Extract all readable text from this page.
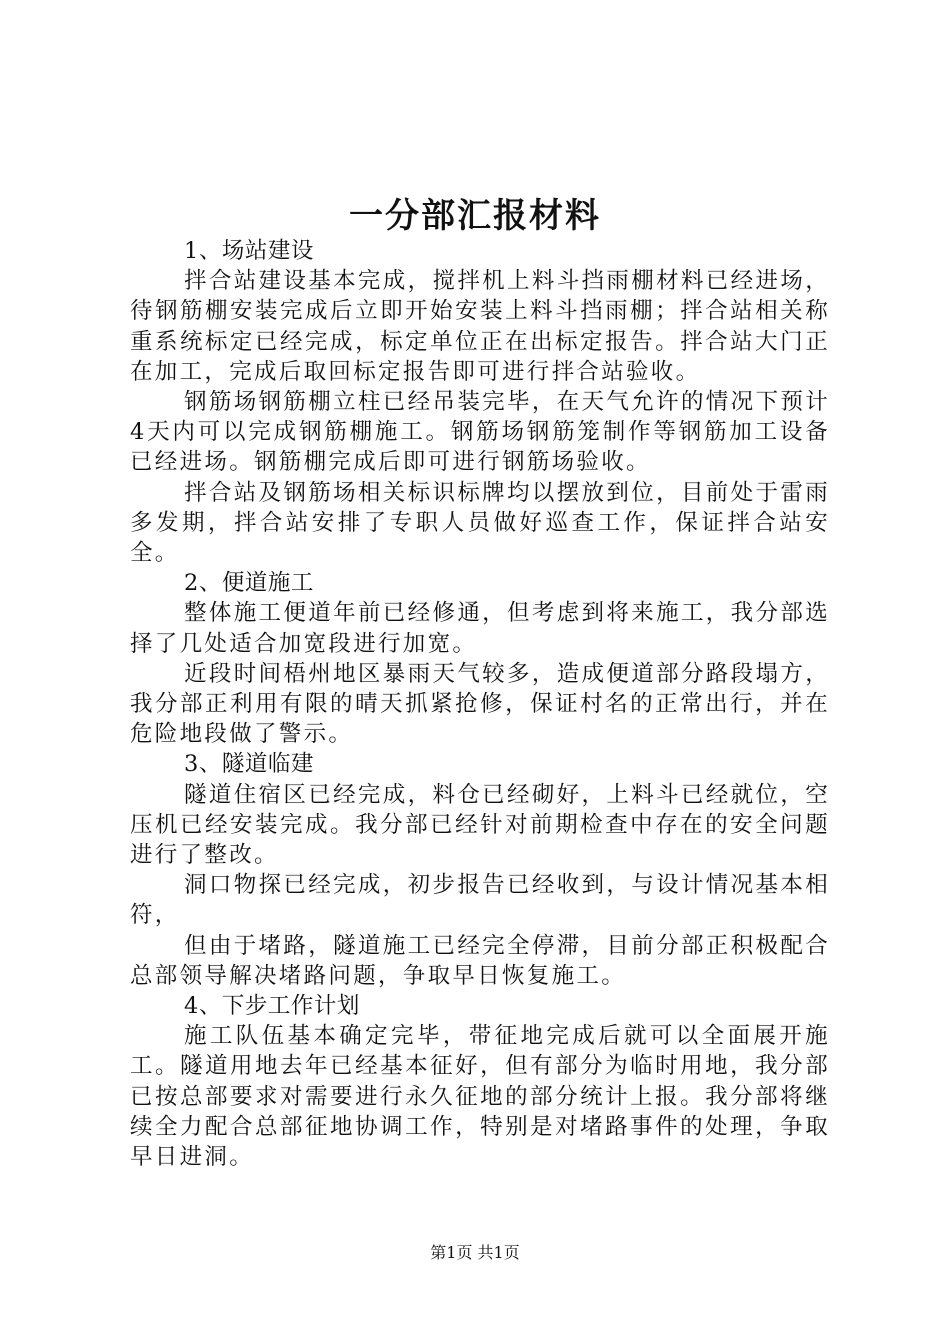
一分部汇报材料

1、场站建设

拌合站建设基本完成，搅拌机上料斗挡雨棚材料已经进场，待钢筋棚安装完成后立即开始安装上料斗挡雨棚；拌合站相关称重系统标定已经完成，标定单位正在出标定报告。拌合站大门正在加工，完成后取回标定报告即可进行拌合站验收。

钢筋场钢筋棚立柱已经吊装完毕，在天气允许的情况下预计4天内可以完成钢筋棚施工。钢筋场钢筋笼制作等钢筋加工设备已经进场。钢筋棚完成后即可进行钢筋场验收。

拌合站及钢筋场相关标识标牌均以摆放到位，目前处于雷雨多发期，拌合站安排了专职人员做好巡查工作，保证拌合站安全。

2、便道施工

整体施工便道年前已经修通，但考虑到将来施工，我分部选择了几处适合加宽段进行加宽。

近段时间梧州地区暴雨天气较多，造成便道部分路段塌方，我分部正利用有限的晴天抓紧抢修，保证村名的正常出行，并在危险地段做了警示。

3、隧道临建

隧道住宿区已经完成，料仓已经砌好，上料斗已经就位，空压机已经安装完成。我分部已经针对前期检查中存在的安全问题进行了整改。

洞口物探已经完成，初步报告已经收到，与设计情况基本相符，

但由于堵路，隧道施工已经完全停滞，目前分部正积极配合总部领导解决堵路问题，争取早日恢复施工。

4、下步工作计划

施工队伍基本确定完毕，带征地完成后就可以全面展开施工。隧道用地去年已经基本征好，但有部分为临时用地，我分部已按总部要求对需要进行永久征地的部分统计上报。我分部将继续全力配合总部征地协调工作，特别是对堵路事件的处理，争取早日进洞。

第1页 共1页
